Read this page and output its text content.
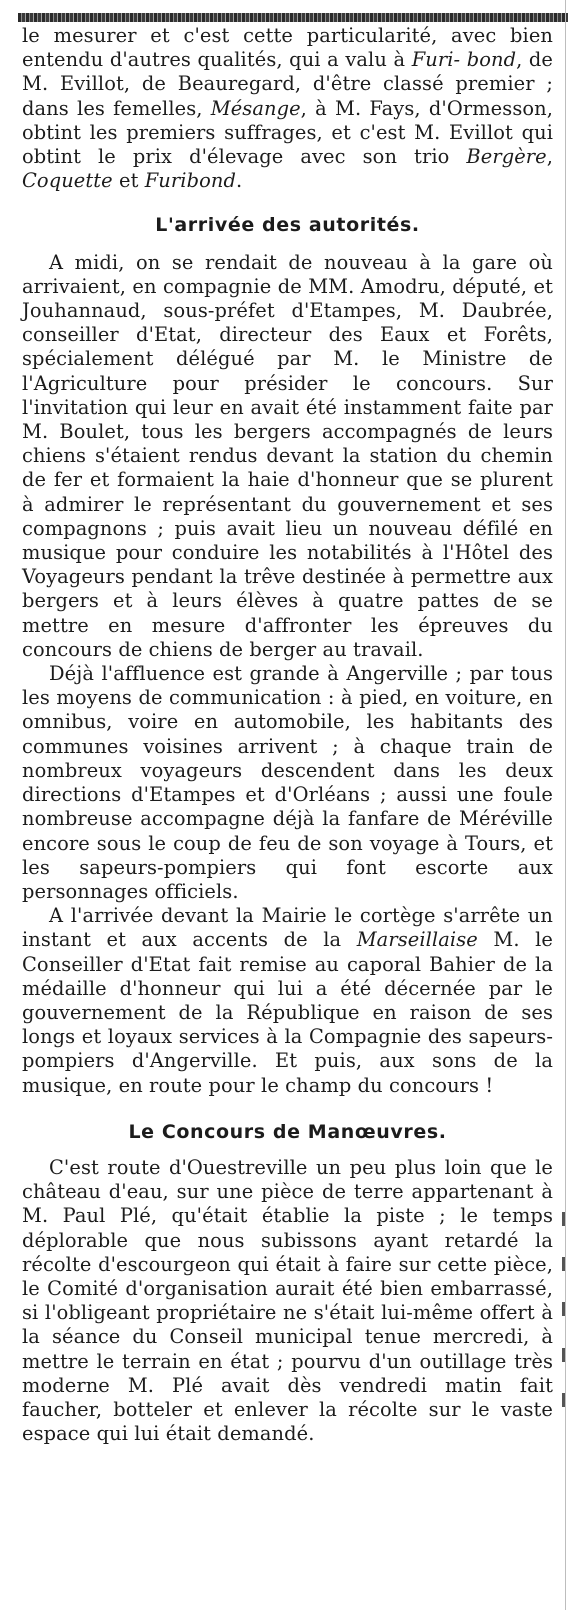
le mesurer et c'est cette particularité, avec bien entendu d'autres qualités, qui a valu à Furi- bond, de M. Evillot, de Beauregard, d'être classé premier ; dans les femelles, Mésange, à M. Fays, d'Ormesson, obtint les premiers suffrages, et c'est M. Evillot qui obtint le prix d'élevage avec son trio Bergère, Coquette et Furibond.

L'arrivée des autorités.

A midi, on se rendait de nouveau à la gare où arrivaient, en compagnie de MM. Amodru, député, et Jouhannaud, sous-préfet d'Etampes, M. Daubrée, conseiller d'Etat, directeur des Eaux et Forêts, spécialement délégué par M. le Ministre de l'Agriculture pour présider le concours. Sur l'invitation qui leur en avait été instamment faite par M. Boulet, tous les bergers accompagnés de leurs chiens s'étaient rendus devant la station du chemin de fer et formaient la haie d'honneur que se plurent à admirer le représentant du gouvernement et ses compagnons ; puis avait lieu un nouveau défilé en musique pour conduire les notabilités à l'Hôtel des Voyageurs pendant la trêve destinée à permettre aux bergers et à leurs élèves à quatre pattes de se mettre en mesure d'affronter les épreuves du concours de chiens de berger au travail.

Déjà l'affluence est grande à Angerville ; par tous les moyens de communication : à pied, en voiture, en omnibus, voire en automobile, les habitants des communes voisines arrivent ; à chaque train de nombreux voyageurs descendent dans les deux directions d'Etampes et d'Orléans ; aussi une foule nombreuse accompagne déjà la fanfare de Méréville encore sous le coup de feu de son voyage à Tours, et les sapeurs-pompiers qui font escorte aux personnages officiels.

A l'arrivée devant la Mairie le cortège s'arrête un instant et aux accents de la Marseillaise M. le Conseiller d'Etat fait remise au caporal Bahier de la médaille d'honneur qui lui a été décernée par le gouvernement de la République en raison de ses longs et loyaux services à la Compagnie des sapeurs-pompiers d'Angerville. Et puis, aux sons de la musique, en route pour le champ du concours !

Le Concours de Manœuvres.

C'est route d'Ouestreville un peu plus loin que le château d'eau, sur une pièce de terre appartenant à M. Paul Plé, qu'était établie la piste ; le temps déplorable que nous subissons ayant retardé la récolte d'escourgeon qui était à faire sur cette pièce, le Comité d'organisation aurait été bien embarrassé, si l'obligeant propriétaire ne s'était lui-même offert à la séance du Conseil municipal tenue mercredi, à mettre le terrain en état ; pourvu d'un outillage très moderne M. Plé avait dès vendredi matin fait faucher, botteler et enlever la récolte sur le vaste espace qui lui était demandé.
